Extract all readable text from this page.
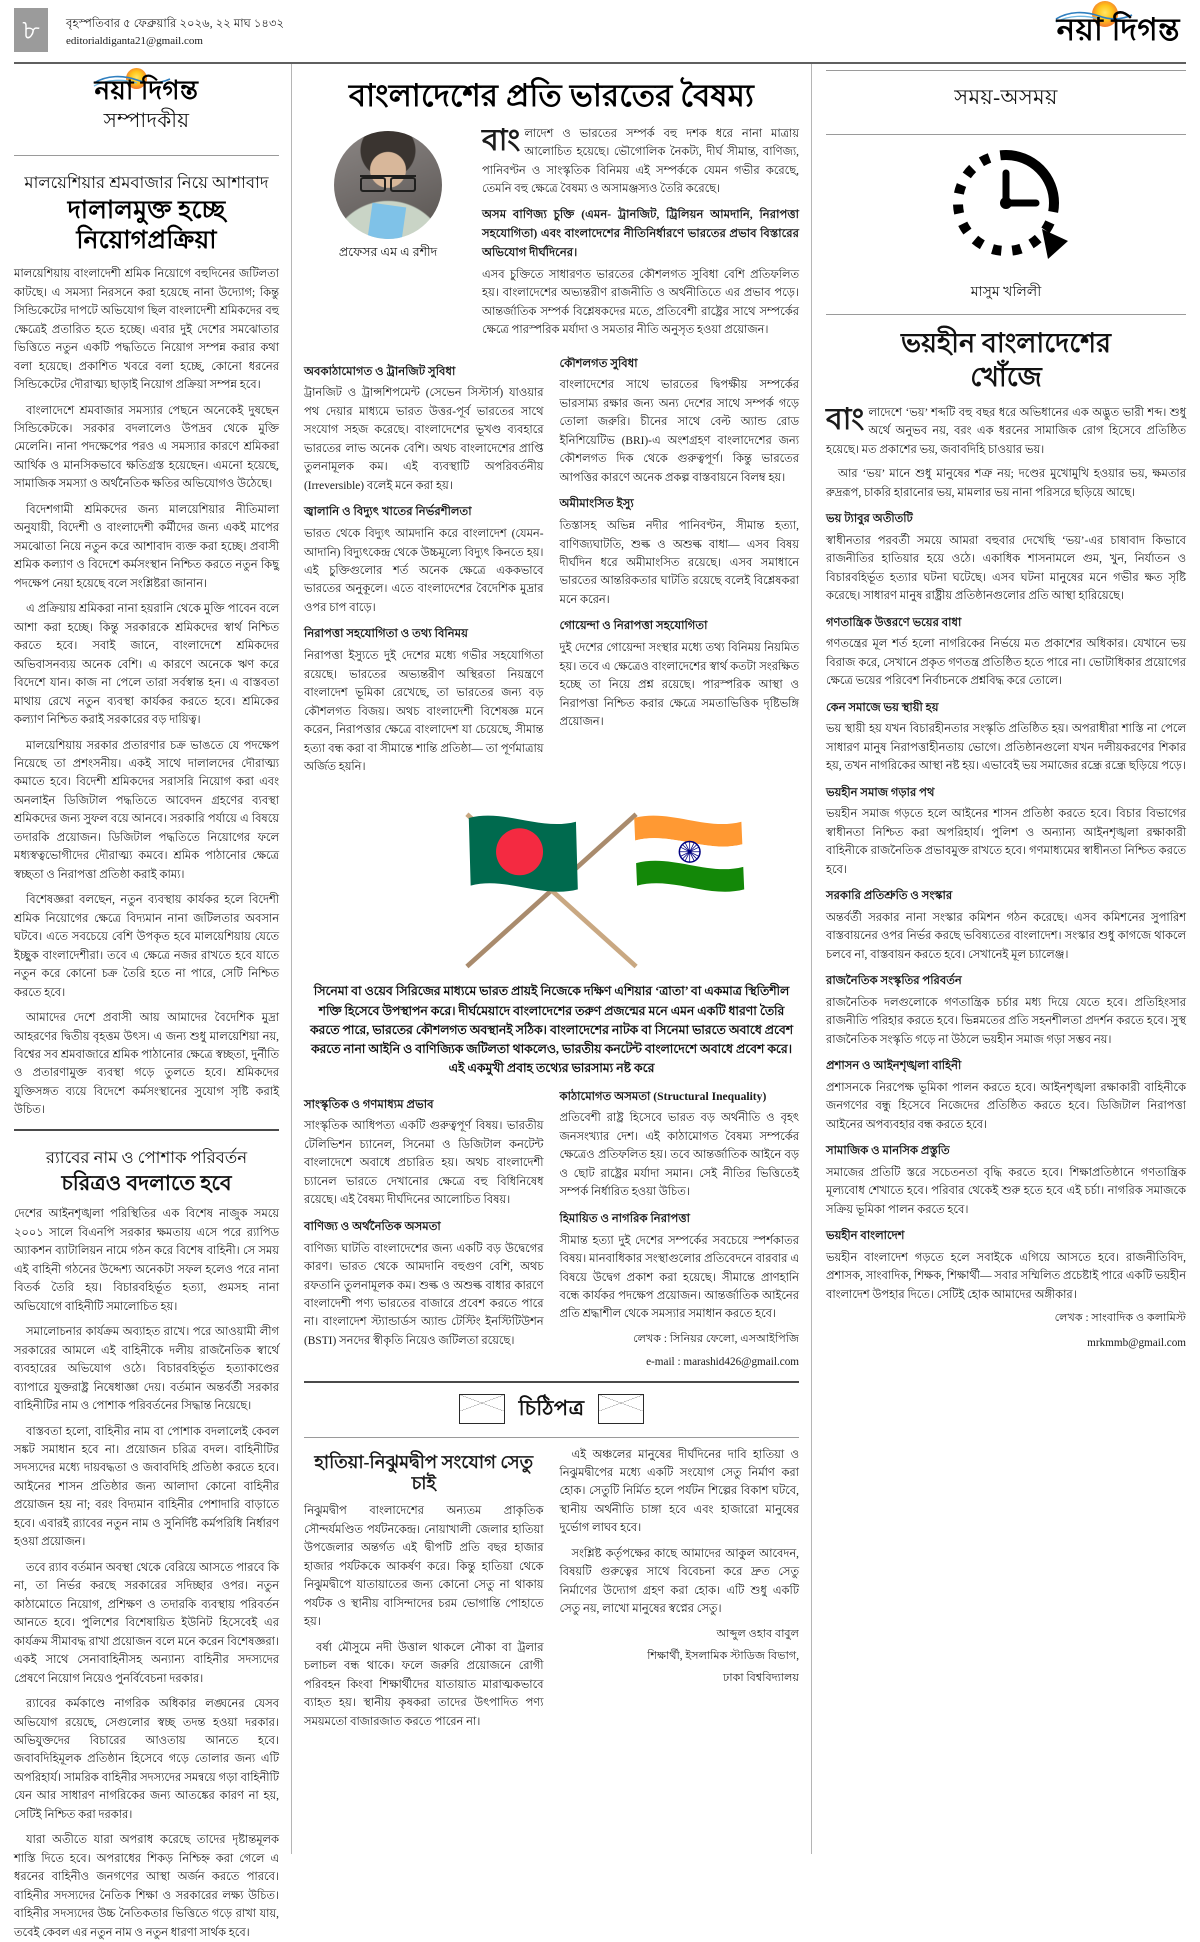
৮	বৃহস্পতিবার ৫ ফেব্রুয়ারি ২০২৬, ২২ মাঘ ১৪৩২
editorialdiganta21@gmail.com	নয়া দিগন্ত
নয়া দিগন্ত
সম্পাদকীয়
মালয়েশিয়ার শ্রমবাজার নিয়ে আশাবাদ
দালালমুক্ত হচ্ছে নিয়োগপ্রক্রিয়া

মালয়েশিয়ায় বাংলাদেশী শ্রমিক নিয়োগে বহুদিনের জটিলতা কাটছে। এ সমস্যা নিরসনে করা হয়েছে নানা উদ্যোগ; কিন্তু সিন্ডিকেটের দাপটে অভিযোগ ছিল বাংলাদেশী শ্রমিকদের বহু ক্ষেত্রেই প্রতারিত হতে হচ্ছে। এবার দুই দেশের সমঝোতার ভিত্তিতে নতুন একটি পদ্ধতিতে নিয়োগ সম্পন্ন করার কথা বলা হয়েছে। প্রকাশিত খবরে বলা হচ্ছে, কোনো ধরনের সিন্ডিকেটের দৌরাত্ম্য ছাড়াই নিয়োগ প্রক্রিয়া সম্পন্ন হবে।

বাংলাদেশে শ্রমবাজার সমস্যার পেছনে অনেকেই দুষছেন সিন্ডিকেটকে। সরকার বদলালেও উপদ্রব থেকে মুক্তি মেলেনি। নানা পদক্ষেপের পরও এ সমস্যার কারণে শ্রমিকরা আর্থিক ও মানসিকভাবে ক্ষতিগ্রস্ত হয়েছেন। এমনো হয়েছে, সামাজিক সমস্যা ও অর্থনৈতিক ক্ষতির অভিযোগও উঠেছে।

বিদেশগামী শ্রমিকদের জন্য মালয়েশিয়ার নীতিমালা অনুযায়ী, বিদেশী ও বাংলাদেশী কর্মীদের জন্য একই মাপের সমঝোতা নিয়ে নতুন করে আশাবাদ ব্যক্ত করা হচ্ছে। প্রবাসী শ্রমিক কল্যাণ ও বিদেশে কর্মসংস্থান নিশ্চিত করতে নতুন কিছু পদক্ষেপ নেয়া হয়েছে বলে সংশ্লিষ্টরা জানান।

এ প্রক্রিয়ায় শ্রমিকরা নানা হয়রানি থেকে মুক্তি পাবেন বলে আশা করা হচ্ছে। কিন্তু সরকারকে শ্রমিকদের স্বার্থ নিশ্চিত করতে হবে। সবাই জানে, বাংলাদেশে শ্রমিকদের অভিবাসনব্যয় অনেক বেশি। এ কারণে অনেকে ঋণ করে বিদেশে যান। কাজ না পেলে তারা সর্বস্বান্ত হন। এ বাস্তবতা মাথায় রেখে নতুন ব্যবস্থা কার্যকর করতে হবে। শ্রমিকের কল্যাণ নিশ্চিত করাই সরকারের বড় দায়িত্ব।

মালয়েশিয়ায় সরকার প্রতারণার চক্র ভাঙতে যে পদক্ষেপ নিয়েছে তা প্রশংসনীয়। একই সাথে দালালদের দৌরাত্ম্য কমাতে হবে। বিদেশী শ্রমিকদের সরাসরি নিয়োগ করা এবং অনলাইন ডিজিটাল পদ্ধতিতে আবেদন গ্রহণের ব্যবস্থা শ্রমিকদের জন্য সুফল বয়ে আনবে। সরকারি পর্যায়ে এ বিষয়ে তদারকি প্রয়োজন। ডিজিটাল পদ্ধতিতে নিয়োগের ফলে মধ্যস্বত্বভোগীদের দৌরাত্ম্য কমবে। শ্রমিক পাঠানোর ক্ষেত্রে স্বচ্ছতা ও নিরাপত্তা প্রতিষ্ঠা করাই কাম্য।

বিশেষজ্ঞরা বলছেন, নতুন ব্যবস্থায় কার্যকর হলে বিদেশী শ্রমিক নিয়োগের ক্ষেত্রে বিদ্যমান নানা জটিলতার অবসান ঘটবে। এতে সবচেয়ে বেশি উপকৃত হবে মালয়েশিয়ায় যেতে ইচ্ছুক বাংলাদেশীরা। তবে এ ক্ষেত্রে নজর রাখতে হবে যাতে নতুন করে কোনো চক্র তৈরি হতে না পারে, সেটি নিশ্চিত করতে হবে।

আমাদের দেশে প্রবাসী আয় আমাদের বৈদেশিক মুদ্রা আহরণের দ্বিতীয় বৃহত্তম উৎস। এ জন্য শুধু মালয়েশিয়া নয়, বিশ্বের সব শ্রমবাজারে শ্রমিক পাঠানোর ক্ষেত্রে স্বচ্ছতা, দুর্নীতি ও প্রতারণামুক্ত ব্যবস্থা গড়ে তুলতে হবে। শ্রমিকদের যুক্তিসঙ্গত ব্যয়ে বিদেশে কর্মসংস্থানের সুযোগ সৃষ্টি করাই উচিত।

র‍্যাবের নাম ও পোশাক পরিবর্তন
চরিত্রও বদলাতে হবে

দেশের আইনশৃঙ্খলা পরিস্থিতির এক বিশেষ নাজুক সময়ে ২০০১ সালে বিএনপি সরকার ক্ষমতায় এসে পরে র‍্যাপিড অ্যাকশন ব্যাটালিয়ন নামে গঠন করে বিশেষ বাহিনী। সে সময় এই বাহিনী গঠনের উদ্দেশ্য অনেকটা সফল হলেও পরে নানা বিতর্ক তৈরি হয়। বিচারবহির্ভূত হত্যা, গুমসহ নানা অভিযোগে বাহিনীটি সমালোচিত হয়।

সমালোচনার কার্যক্রম অব্যাহত রাখে। পরে আওয়ামী লীগ সরকারের আমলে এই বাহিনীকে দলীয় রাজনৈতিক স্বার্থে ব্যবহারের অভিযোগ ওঠে। বিচারবহির্ভূত হত্যাকাণ্ডের ব্যাপারে যুক্তরাষ্ট্র নিষেধাজ্ঞা দেয়। বর্তমান অন্তর্বর্তী সরকার বাহিনীটির নাম ও পোশাক পরিবর্তনের সিদ্ধান্ত নিয়েছে।

বাস্তবতা হলো, বাহিনীর নাম বা পোশাক বদলালেই কেবল সঙ্কট সমাধান হবে না। প্রয়োজন চরিত্র বদল। বাহিনীটির সদস্যদের মধ্যে দায়বদ্ধতা ও জবাবদিহি প্রতিষ্ঠা করতে হবে। আইনের শাসন প্রতিষ্ঠার জন্য আলাদা কোনো বাহিনীর প্রয়োজন হয় না; বরং বিদ্যমান বাহিনীর পেশাদারি বাড়াতে হবে। এবারই র‍্যাবের নতুন নাম ও সুনির্দিষ্ট কর্মপরিধি নির্ধারণ হওয়া প্রয়োজন।

তবে র‍্যাব বর্তমান অবস্থা থেকে বেরিয়ে আসতে পারবে কি না, তা নির্ভর করছে সরকারের সদিচ্ছার ওপর। নতুন কাঠামোতে নিয়োগ, প্রশিক্ষণ ও তদারকি ব্যবস্থায় পরিবর্তন আনতে হবে। পুলিশের বিশেষায়িত ইউনিট হিসেবেই এর কার্যক্রম সীমাবদ্ধ রাখা প্রয়োজন বলে মনে করেন বিশেষজ্ঞরা। একই সাথে সেনাবাহিনীসহ অন্যান্য বাহিনীর সদস্যদের প্রেষণে নিয়োগ নিয়েও পুনর্বিবেচনা দরকার।

র‍্যাবের কর্মকাণ্ডে নাগরিক অধিকার লঙ্ঘনের যেসব অভিযোগ রয়েছে, সেগুলোর স্বচ্ছ তদন্ত হওয়া দরকার। অভিযুক্তদের বিচারের আওতায় আনতে হবে। জবাবদিহিমূলক প্রতিষ্ঠান হিসেবে গড়ে তোলার জন্য এটি অপরিহার্য। সামরিক বাহিনীর সদস্যদের সমন্বয়ে গড়া বাহিনীটি যেন আর সাধারণ নাগরিকের জন্য আতঙ্কের কারণ না হয়, সেটিই নিশ্চিত করা দরকার।

যারা অতীতে যারা অপরাধ করেছে তাদের দৃষ্টান্তমূলক শাস্তি দিতে হবে। অপরাধের শিকড় নিশ্চিহ্ন করা গেলে এ ধরনের বাহিনীও জনগণের আস্থা অর্জন করতে পারবে। বাহিনীর সদস্যদের নৈতিক শিক্ষা ও সরকারের লক্ষ্য উচিত। বাহিনীর সদস্যদের উচ্চ নৈতিকতার ভিত্তিতে গড়ে রাখা যায়, তবেই কেবল এর নতুন নাম ও নতুন ধারণা সার্থক হবে।

বাংলাদেশের প্রতি ভারতের বৈষম্য
প্রফেসর এম এ রশীদ

বাংলাদেশ ও ভারতের সম্পর্ক বহু দশক ধরে নানা মাত্রায় আলোচিত হয়েছে। ভৌগোলিক নৈকট্য, দীর্ঘ সীমান্ত, বাণিজ্য, পানিবণ্টন ও সাংস্কৃতিক বিনিময় এই সম্পর্ককে যেমন গভীর করেছে, তেমনি বহু ক্ষেত্রে বৈষম্য ও অসামঞ্জস্যও তৈরি করেছে।

অসম বাণিজ্য চুক্তি (এমন- ট্রানজিট, ট্রিলিয়ন আমদানি, নিরাপত্তা সহযোগিতা) এবং বাংলাদেশের নীতিনির্ধারণে ভারতের প্রভাব বিস্তারের অভিযোগ দীর্ঘদিনের।

এসব চুক্তিতে সাধারণত ভারতের কৌশলগত সুবিধা বেশি প্রতিফলিত হয়। বাংলাদেশের অভ্যন্তরীণ রাজনীতি ও অর্থনীতিতে এর প্রভাব পড়ে। আন্তর্জাতিক সম্পর্ক বিশ্লেষকদের মতে, প্রতিবেশী রাষ্ট্রের সাথে সম্পর্কের ক্ষেত্রে পারস্পরিক মর্যাদা ও সমতার নীতি অনুসৃত হওয়া প্রয়োজন।

অবকাঠামোগত ও ট্রানজিট সুবিধা

ট্রানজিট ও ট্রান্সশিপমেন্ট (সেভেন সিস্টার্স) যাওয়ার পথ দেয়ার মাধ্যমে ভারত উত্তর-পূর্ব ভারতের সাথে সংযোগ সহজ করেছে। বাংলাদেশের ভূখণ্ড ব্যবহারে ভারতের লাভ অনেক বেশি। অথচ বাংলাদেশের প্রাপ্তি তুলনামূলক কম। এই ব্যবস্থাটি অপরিবর্তনীয় (Irreversible) বলেই মনে করা হয়।

জ্বালানি ও বিদ্যুৎ খাতের নির্ভরশীলতা

ভারত থেকে বিদ্যুৎ আমদানি করে বাংলাদেশ (যেমন- আদানি) বিদ্যুৎকেন্দ্র থেকে উচ্চমূল্যে বিদ্যুৎ কিনতে হয়। এই চুক্তিগুলোর শর্ত অনেক ক্ষেত্রে এককভাবে ভারতের অনুকূলে। এতে বাংলাদেশের বৈদেশিক মুদ্রার ওপর চাপ বাড়ে।

নিরাপত্তা সহযোগিতা ও তথ্য বিনিময়

নিরাপত্তা ইস্যুতে দুই দেশের মধ্যে গভীর সহযোগিতা রয়েছে। ভারতের অভ্যন্তরীণ অস্থিরতা নিয়ন্ত্রণে বাংলাদেশ ভূমিকা রেখেছে, তা ভারতের জন্য বড় কৌশলগত বিজয়। অথচ বাংলাদেশী বিশেষজ্ঞ মনে করেন, নিরাপত্তার ক্ষেত্রে বাংলাদেশ যা চেয়েছে, সীমান্ত হত্যা বন্ধ করা বা সীমান্তে শান্তি প্রতিষ্ঠা— তা পূর্ণমাত্রায় অর্জিত হয়নি।

কৌশলগত সুবিধা

বাংলাদেশের সাথে ভারতের দ্বিপক্ষীয় সম্পর্কের ভারসাম্য রক্ষার জন্য অন্য দেশের সাথে সম্পর্ক গড়ে তোলা জরুরি। চীনের সাথে বেল্ট অ্যান্ড রোড ইনিশিয়েটিভ (BRI)-এ অংশগ্রহণ বাংলাদেশের জন্য কৌশলগত দিক থেকে গুরুত্বপূর্ণ। কিন্তু ভারতের আপত্তির কারণে অনেক প্রকল্প বাস্তবায়নে বিলম্ব হয়।

অমীমাংসিত ইস্যু

তিস্তাসহ অভিন্ন নদীর পানিবণ্টন, সীমান্ত হত্যা, বাণিজ্যঘাটতি, শুল্ক ও অশুল্ক বাধা— এসব বিষয় দীর্ঘদিন ধরে অমীমাংসিত রয়েছে। এসব সমাধানে ভারতের আন্তরিকতার ঘাটতি রয়েছে বলেই বিশ্লেষকরা মনে করেন।

গোয়েন্দা ও নিরাপত্তা সহযোগিতা

দুই দেশের গোয়েন্দা সংস্থার মধ্যে তথ্য বিনিময় নিয়মিত হয়। তবে এ ক্ষেত্রেও বাংলাদেশের স্বার্থ কতটা সংরক্ষিত হচ্ছে তা নিয়ে প্রশ্ন রয়েছে। পারস্পরিক আস্থা ও নিরাপত্তা নিশ্চিত করার ক্ষেত্রে সমতাভিত্তিক দৃষ্টিভঙ্গি প্রয়োজন।

সিনেমা বা ওয়েব সিরিজের মাধ্যমে ভারত প্রায়ই নিজেকে দক্ষিণ এশিয়ার ‘ত্রাতা’ বা একমাত্র স্থিতিশীল শক্তি হিসেবে উপস্থাপন করে। দীর্ঘমেয়াদে বাংলাদেশের তরুণ প্রজন্মের মনে এমন একটি ধারণা তৈরি করতে পারে, ভারতের কৌশলগত অবস্থানই সঠিক। বাংলাদেশের নাটক বা সিনেমা ভারতে অবাধে প্রবেশ করতে নানা আইনি ও বাণিজ্যিক জটিলতা থাকলেও, ভারতীয় কনটেন্ট বাংলাদেশে অবাধে প্রবেশ করে। এই একমুখী প্রবাহ তথ্যের ভারসাম্য নষ্ট করে
সাংস্কৃতিক ও গণমাধ্যম প্রভাব

সাংস্কৃতিক আধিপত্য একটি গুরুত্বপূর্ণ বিষয়। ভারতীয় টেলিভিশন চ্যানেল, সিনেমা ও ডিজিটাল কনটেন্ট বাংলাদেশে অবাধে প্রচারিত হয়। অথচ বাংলাদেশী চ্যানেল ভারতে দেখানোর ক্ষেত্রে বহু বিধিনিষেধ রয়েছে। এই বৈষম্য দীর্ঘদিনের আলোচিত বিষয়।

বাণিজ্য ও অর্থনৈতিক অসমতা

বাণিজ্য ঘাটতি বাংলাদেশের জন্য একটি বড় উদ্বেগের কারণ। ভারত থেকে আমদানি বহুগুণ বেশি, অথচ রফতানি তুলনামূলক কম। শুল্ক ও অশুল্ক বাধার কারণে বাংলাদেশী পণ্য ভারতের বাজারে প্রবেশ করতে পারে না। বাংলাদেশ স্ট্যান্ডার্ডস অ্যান্ড টেস্টিং ইনস্টিটিউশন (BSTI) সনদের স্বীকৃতি নিয়েও জটিলতা রয়েছে।

কাঠামোগত অসমতা (Structural Inequality)

প্রতিবেশী রাষ্ট্র হিসেবে ভারত বড় অর্থনীতি ও বৃহৎ জনসংখ্যার দেশ। এই কাঠামোগত বৈষম্য সম্পর্কের ক্ষেত্রেও প্রতিফলিত হয়। তবে আন্তর্জাতিক আইনে বড় ও ছোট রাষ্ট্রের মর্যাদা সমান। সেই নীতির ভিত্তিতেই সম্পর্ক নির্ধারিত হওয়া উচিত।

হিমায়িত ও নাগরিক নিরাপত্তা

সীমান্ত হত্যা দুই দেশের সম্পর্কের সবচেয়ে স্পর্শকাতর বিষয়। মানবাধিকার সংস্থাগুলোর প্রতিবেদনে বারবার এ বিষয়ে উদ্বেগ প্রকাশ করা হয়েছে। সীমান্তে প্রাণহানি বন্ধে কার্যকর পদক্ষেপ প্রয়োজন। আন্তর্জাতিক আইনের প্রতি শ্রদ্ধাশীল থেকে সমস্যার সমাধান করতে হবে।

লেখক : সিনিয়র ফেলো, এসআইপিজি
e-mail : marashid426@gmail.com
চিঠিপত্র
হাতিয়া-নিঝুমদ্বীপ সংযোগ সেতু চাই

নিঝুমদ্বীপ বাংলাদেশের অন্যতম প্রাকৃতিক সৌন্দর্যমণ্ডিত পর্যটনকেন্দ্র। নোয়াখালী জেলার হাতিয়া উপজেলার অন্তর্গত এই দ্বীপটি প্রতি বছর হাজার হাজার পর্যটককে আকর্ষণ করে। কিন্তু হাতিয়া থেকে নিঝুমদ্বীপে যাতায়াতের জন্য কোনো সেতু না থাকায় পর্যটক ও স্থানীয় বাসিন্দাদের চরম ভোগান্তি পোহাতে হয়।

বর্ষা মৌসুমে নদী উত্তাল থাকলে নৌকা বা ট্রলার চলাচল বন্ধ থাকে। ফলে জরুরি প্রয়োজনে রোগী পরিবহন কিংবা শিক্ষার্থীদের যাতায়াত মারাত্মকভাবে ব্যাহত হয়। স্থানীয় কৃষকরা তাদের উৎপাদিত পণ্য সময়মতো বাজারজাত করতে পারেন না।

এই অঞ্চলের মানুষের দীর্ঘদিনের দাবি হাতিয়া ও নিঝুমদ্বীপের মধ্যে একটি সংযোগ সেতু নির্মাণ করা হোক। সেতুটি নির্মিত হলে পর্যটন শিল্পের বিকাশ ঘটবে, স্থানীয় অর্থনীতি চাঙ্গা হবে এবং হাজারো মানুষের দুর্ভোগ লাঘব হবে।

সংশ্লিষ্ট কর্তৃপক্ষের কাছে আমাদের আকুল আবেদন, বিষয়টি গুরুত্বের সাথে বিবেচনা করে দ্রুত সেতু নির্মাণের উদ্যোগ গ্রহণ করা হোক। এটি শুধু একটি সেতু নয়, লাখো মানুষের স্বপ্নের সেতু।

আব্দুল ওহাব বাবুল
শিক্ষার্থী, ইসলামিক স্টাডিজ বিভাগ,
ঢাকা বিশ্ববিদ্যালয়
সময়-অসময়
মাসুম খলিলী
ভয়হীন বাংলাদেশের
খোঁজে

বাংলাদেশে ‘ভয়’ শব্দটি বহু বছর ধরে অভিধানের এক অদ্ভুত ভারী শব্দ। শুধু অর্থে অনুভব নয়, বরং এক ধরনের সামাজিক রোগ হিসেবে প্রতিষ্ঠিত হয়েছে। মত প্রকাশের ভয়, জবাবদিহি চাওয়ার ভয়।

আর ‘ভয়’ মানে শুধু মানুষের শত্রু নয়; দণ্ডের মুখোমুখি হওয়ার ভয়, ক্ষমতার রুদ্ররূপ, চাকরি হারানোর ভয়, মামলার ভয় নানা পরিসরে ছড়িয়ে আছে।

ভয় ট্যাবুর অতীতটি

স্বাধীনতার পরবর্তী সময়ে আমরা বহুবার দেখেছি ‘ভয়’-এর চাষাবাদ কিভাবে রাজনীতির হাতিয়ার হয়ে ওঠে। একাধিক শাসনামলে গুম, খুন, নির্যাতন ও বিচারবহির্ভূত হত্যার ঘটনা ঘটেছে। এসব ঘটনা মানুষের মনে গভীর ক্ষত সৃষ্টি করেছে। সাধারণ মানুষ রাষ্ট্রীয় প্রতিষ্ঠানগুলোর প্রতি আস্থা হারিয়েছে।

গণতান্ত্রিক উত্তরণে ভয়ের বাধা

গণতন্ত্রের মূল শর্ত হলো নাগরিকের নির্ভয়ে মত প্রকাশের অধিকার। যেখানে ভয় বিরাজ করে, সেখানে প্রকৃত গণতন্ত্র প্রতিষ্ঠিত হতে পারে না। ভোটাধিকার প্রয়োগের ক্ষেত্রে ভয়ের পরিবেশ নির্বাচনকে প্রশ্নবিদ্ধ করে তোলে।

কেন সমাজে ভয় স্থায়ী হয়

ভয় স্থায়ী হয় যখন বিচারহীনতার সংস্কৃতি প্রতিষ্ঠিত হয়। অপরাধীরা শাস্তি না পেলে সাধারণ মানুষ নিরাপত্তাহীনতায় ভোগে। প্রতিষ্ঠানগুলো যখন দলীয়করণের শিকার হয়, তখন নাগরিকের আস্থা নষ্ট হয়। এভাবেই ভয় সমাজের রন্ধ্রে রন্ধ্রে ছড়িয়ে পড়ে।

ভয়হীন সমাজ গড়ার পথ

ভয়হীন সমাজ গড়তে হলে আইনের শাসন প্রতিষ্ঠা করতে হবে। বিচার বিভাগের স্বাধীনতা নিশ্চিত করা অপরিহার্য। পুলিশ ও অন্যান্য আইনশৃঙ্খলা রক্ষাকারী বাহিনীকে রাজনৈতিক প্রভাবমুক্ত রাখতে হবে। গণমাধ্যমের স্বাধীনতা নিশ্চিত করতে হবে।

সরকারি প্রতিশ্রুতি ও সংস্কার

অন্তর্বর্তী সরকার নানা সংস্কার কমিশন গঠন করেছে। এসব কমিশনের সুপারিশ বাস্তবায়নের ওপর নির্ভর করছে ভবিষ্যতের বাংলাদেশ। সংস্কার শুধু কাগজে থাকলে চলবে না, বাস্তবায়ন করতে হবে। সেখানেই মূল চ্যালেঞ্জ।

রাজনৈতিক সংস্কৃতির পরিবর্তন

রাজনৈতিক দলগুলোকে গণতান্ত্রিক চর্চার মধ্য দিয়ে যেতে হবে। প্রতিহিংসার রাজনীতি পরিহার করতে হবে। ভিন্নমতের প্রতি সহনশীলতা প্রদর্শন করতে হবে। সুস্থ রাজনৈতিক সংস্কৃতি গড়ে না উঠলে ভয়হীন সমাজ গড়া সম্ভব নয়।

প্রশাসন ও আইনশৃঙ্খলা বাহিনী

প্রশাসনকে নিরপেক্ষ ভূমিকা পালন করতে হবে। আইনশৃঙ্খলা রক্ষাকারী বাহিনীকে জনগণের বন্ধু হিসেবে নিজেদের প্রতিষ্ঠিত করতে হবে। ডিজিটাল নিরাপত্তা আইনের অপব্যবহার বন্ধ করতে হবে।

সামাজিক ও মানসিক প্রস্তুতি

সমাজের প্রতিটি স্তরে সচেতনতা বৃদ্ধি করতে হবে। শিক্ষাপ্রতিষ্ঠানে গণতান্ত্রিক মূল্যবোধ শেখাতে হবে। পরিবার থেকেই শুরু হতে হবে এই চর্চা। নাগরিক সমাজকে সক্রিয় ভূমিকা পালন করতে হবে।

ভয়হীন বাংলাদেশ

ভয়হীন বাংলাদেশ গড়তে হলে সবাইকে এগিয়ে আসতে হবে। রাজনীতিবিদ, প্রশাসক, সাংবাদিক, শিক্ষক, শিক্ষার্থী— সবার সম্মিলিত প্রচেষ্টাই পারে একটি ভয়হীন বাংলাদেশ উপহার দিতে। সেটিই হোক আমাদের অঙ্গীকার।

লেখক : সাংবাদিক ও কলামিস্ট
mrkmmb@gmail.com
